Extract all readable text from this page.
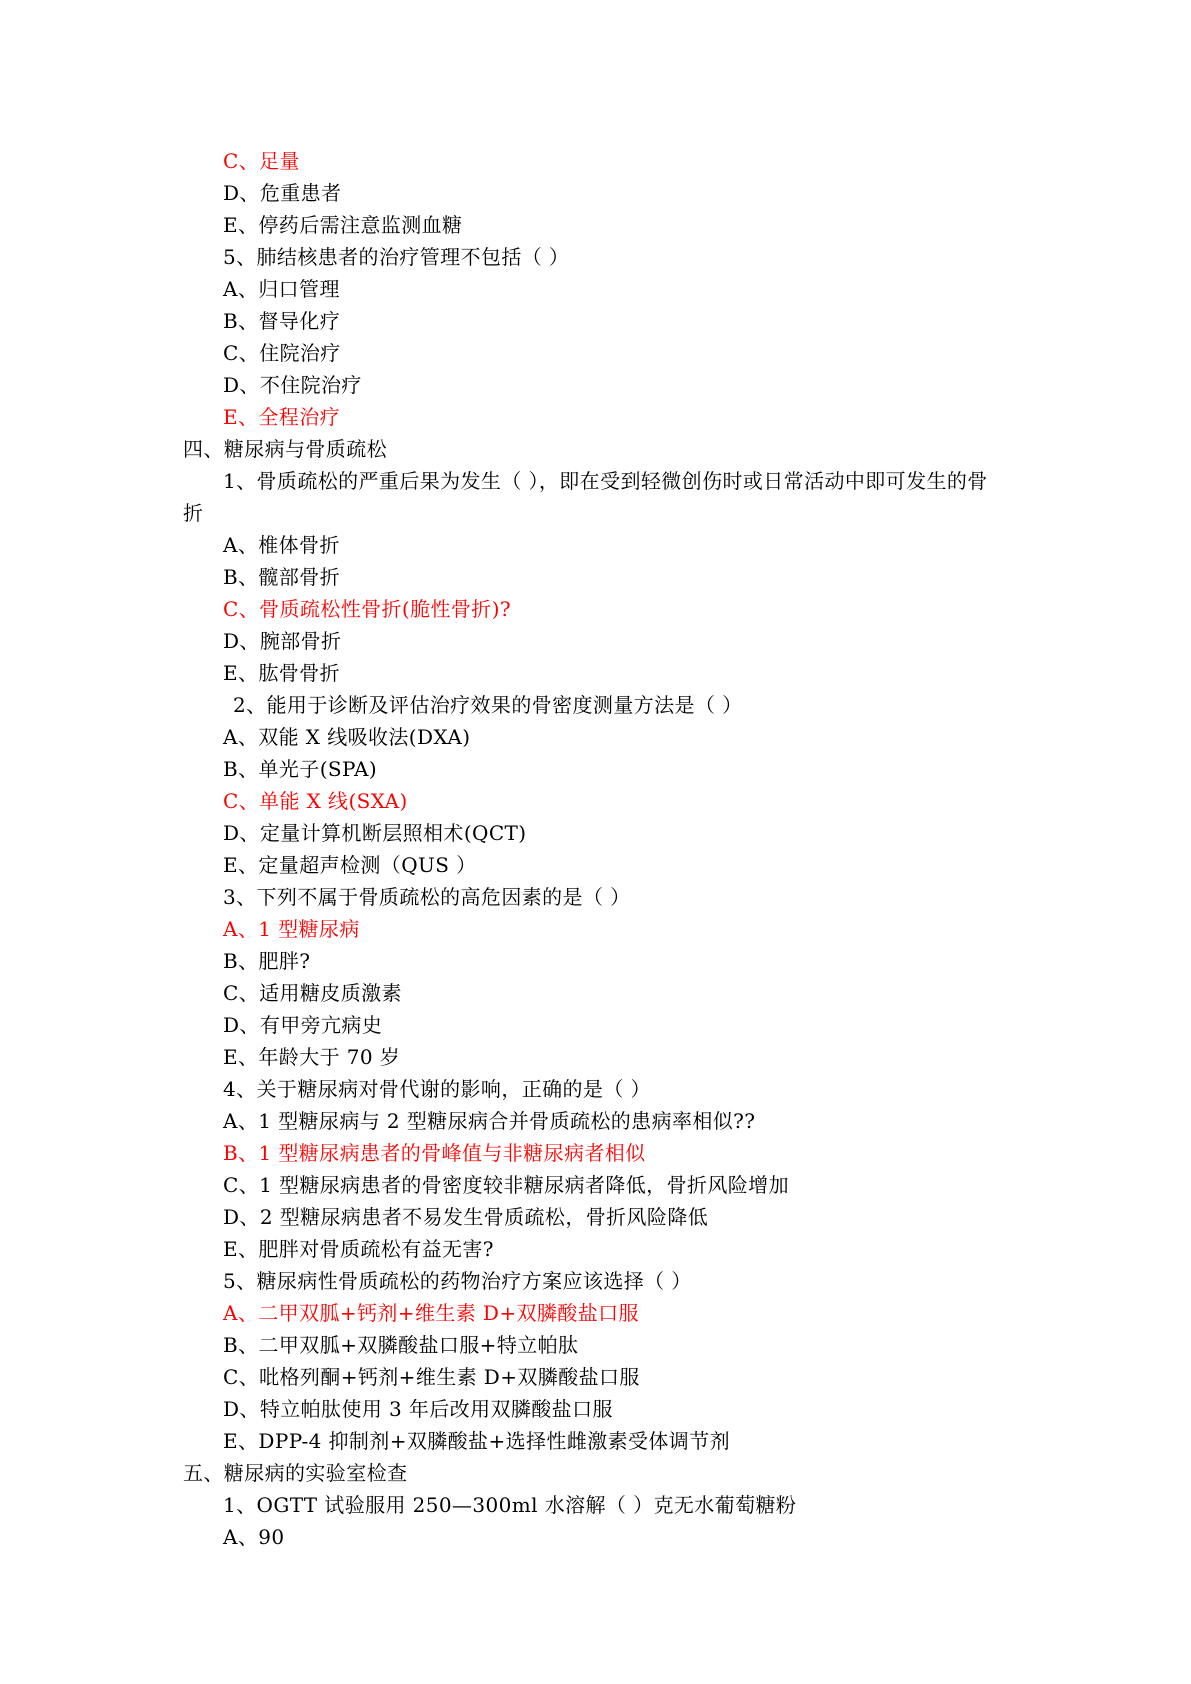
C、足量
D、危重患者
E、停药后需注意监测血糖
5、肺结核患者的治疗管理不包括（ ）
A、归口管理
B、督导化疗
C、住院治疗
D、不住院治疗
E、全程治疗
四、糖尿病与骨质疏松
1、骨质疏松的严重后果为发生（ ），即在受到轻微创伤时或日常活动中即可发生的骨
折
A、椎体骨折
B、髋部骨折
C、骨质疏松性骨折(脆性骨折)?
D、腕部骨折
E、肱骨骨折
2、能用于诊断及评估治疗效果的骨密度测量方法是（ ）
A、双能 X 线吸收法(DXA)
B、单光子(SPA)
C、单能 X 线(SXA)
D、定量计算机断层照相术(QCT)
E、定量超声检测（QUS ）
3、下列不属于骨质疏松的高危因素的是（ ）
A、1 型糖尿病
B、肥胖?
C、适用糖皮质激素
D、有甲旁亢病史
E、年龄大于 70 岁
4、关于糖尿病对骨代谢的影响，正确的是（ ）
A、1 型糖尿病与 2 型糖尿病合并骨质疏松的患病率相似??
B、1 型糖尿病患者的骨峰值与非糖尿病者相似
C、1 型糖尿病患者的骨密度较非糖尿病者降低，骨折风险增加
D、2 型糖尿病患者不易发生骨质疏松，骨折风险降低
E、肥胖对骨质疏松有益无害?
5、糖尿病性骨质疏松的药物治疗方案应该选择（ ）
A、二甲双胍+钙剂+维生素 D+双膦酸盐口服
B、二甲双胍+双膦酸盐口服+特立帕肽
C、吡格列酮+钙剂+维生素 D+双膦酸盐口服
D、特立帕肽使用 3 年后改用双膦酸盐口服
E、DPP-4 抑制剂+双膦酸盐+选择性雌激素受体调节剂
五、糖尿病的实验室检查
1、OGTT 试验服用 250—300ml 水溶解（ ）克无水葡萄糖粉
A、90
